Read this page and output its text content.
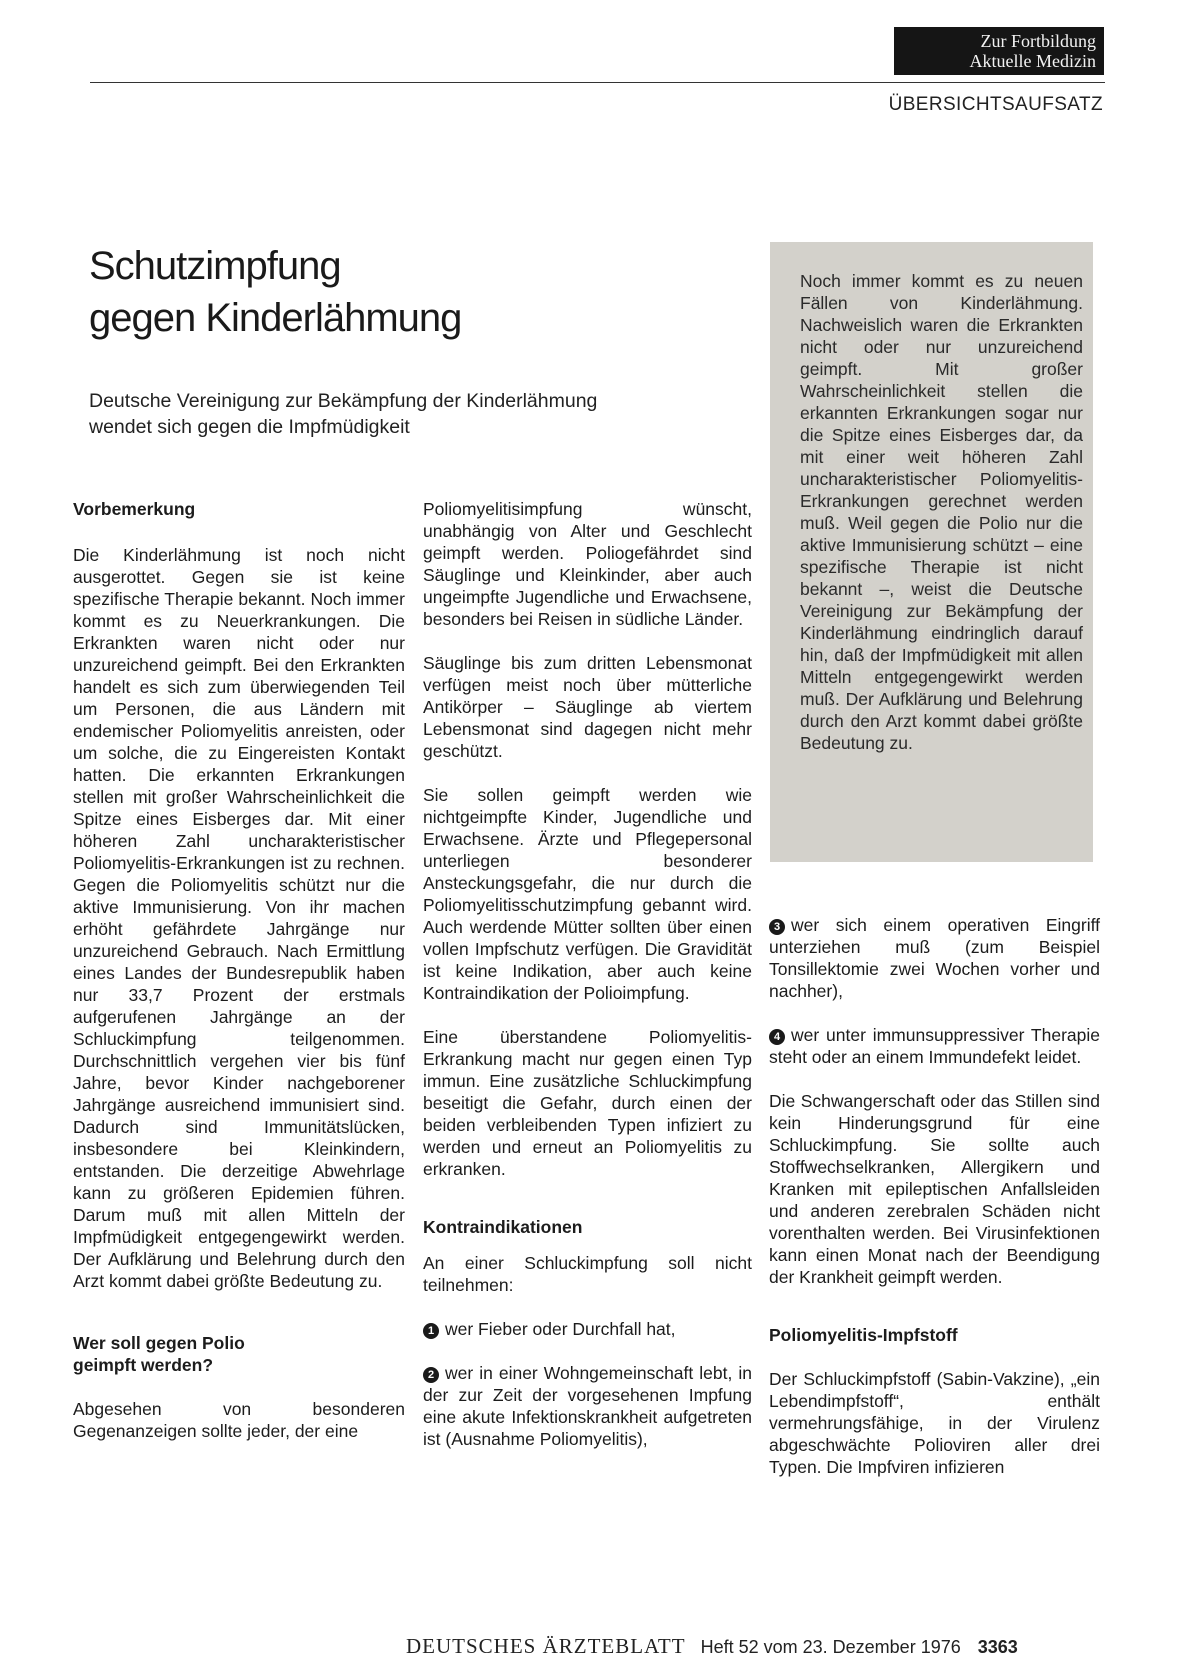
Zur Fortbildung
Aktuelle Medizin
ÜBERSICHTSAUFSATZ
Schutzimpfung
gegen Kinderlähmung
Deutsche Vereinigung zur Bekämpfung der Kinderlähmung
wendet sich gegen die Impfmüdigkeit
Vorbemerkung

Die Kinderlähmung ist noch nicht ausgerottet. Gegen sie ist keine spezifische Therapie bekannt. Noch immer kommt es zu Neuerkrankungen. Die Erkrankten waren nicht oder nur unzureichend geimpft. Bei den Erkrankten handelt es sich zum überwiegenden Teil um Personen, die aus Ländern mit endemischer Poliomyelitis anreisten, oder um solche, die zu Eingereisten Kontakt hatten. Die erkannten Erkrankungen stellen mit großer Wahrscheinlichkeit die Spitze eines Eisberges dar. Mit einer höheren Zahl uncharakteristischer Poliomyelitis-Erkrankungen ist zu rechnen. Gegen die Poliomyelitis schützt nur die aktive Immunisierung. Von ihr machen erhöht gefährdete Jahrgänge nur unzureichend Gebrauch. Nach Ermittlung eines Landes der Bundesrepublik haben nur 33,7 Prozent der erstmals aufgerufenen Jahrgänge an der Schluckimpfung teilgenommen. Durchschnittlich vergehen vier bis fünf Jahre, bevor Kinder nachgeborener Jahrgänge ausreichend immunisiert sind. Dadurch sind Immunitätslücken, insbesondere bei Kleinkindern, entstanden. Die derzeitige Abwehrlage kann zu größeren Epidemien führen. Darum muß mit allen Mitteln der Impfmüdigkeit entgegengewirkt werden. Der Aufklärung und Belehrung durch den Arzt kommt dabei größte Bedeutung zu.

Wer soll gegen Polio
geimpft werden?

Abgesehen von besonderen Gegenanzeigen sollte jeder, der eine

Poliomyelitisimpfung wünscht, unabhängig von Alter und Geschlecht geimpft werden. Poliogefährdet sind Säuglinge und Kleinkinder, aber auch ungeimpfte Jugendliche und Erwachsene, besonders bei Reisen in südliche Länder.

Säuglinge bis zum dritten Lebensmonat verfügen meist noch über mütterliche Antikörper – Säuglinge ab viertem Lebensmonat sind dagegen nicht mehr geschützt.

Sie sollen geimpft werden wie nichtgeimpfte Kinder, Jugendliche und Erwachsene. Ärzte und Pflegepersonal unterliegen besonderer Ansteckungsgefahr, die nur durch die Poliomyelitisschutzimpfung gebannt wird. Auch werdende Mütter sollten über einen vollen Impfschutz verfügen. Die Gravidität ist keine Indikation, aber auch keine Kontraindikation der Polioimpfung.

Eine überstandene Poliomyelitis-Erkrankung macht nur gegen einen Typ immun. Eine zusätzliche Schluckimpfung beseitigt die Gefahr, durch einen der beiden verbleibenden Typen infiziert zu werden und erneut an Poliomyelitis zu erkranken.

Kontraindikationen

An einer Schluckimpfung soll nicht teilnehmen:

1 wer Fieber oder Durchfall hat,

2 wer in einer Wohngemeinschaft lebt, in der zur Zeit der vorgesehenen Impfung eine akute Infektionskrankheit aufgetreten ist (Ausnahme Poliomyelitis),

Noch immer kommt es zu neuen Fällen von Kinderlähmung. Nachweislich waren die Erkrankten nicht oder nur unzureichend geimpft. Mit großer Wahrscheinlichkeit stellen die erkannten Erkrankungen sogar nur die Spitze eines Eisberges dar, da mit einer weit höheren Zahl uncharakteristischer Poliomyelitis-Erkrankungen gerechnet werden muß. Weil gegen die Polio nur die aktive Immunisierung schützt – eine spezifische Therapie ist nicht bekannt –, weist die Deutsche Vereinigung zur Bekämpfung der Kinderlähmung eindringlich darauf hin, daß der Impfmüdigkeit mit allen Mitteln entgegengewirkt werden muß. Der Aufklärung und Belehrung durch den Arzt kommt dabei größte Bedeutung zu.

3 wer sich einem operativen Eingriff unterziehen muß (zum Beispiel Tonsillektomie zwei Wochen vorher und nachher),

4 wer unter immunsuppressiver Therapie steht oder an einem Immundefekt leidet.

Die Schwangerschaft oder das Stillen sind kein Hinderungsgrund für eine Schluckimpfung. Sie sollte auch Stoffwechselkranken, Allergikern und Kranken mit epileptischen Anfallsleiden und anderen zerebralen Schäden nicht vorenthalten werden. Bei Virusinfektionen kann einen Monat nach der Beendigung der Krankheit geimpft werden.

Poliomyelitis-Impfstoff

Der Schluckimpfstoff (Sabin-Vakzine), „ein Lebendimpfstoff“, enthält vermehrungsfähige, in der Virulenz abgeschwächte Polioviren aller drei Typen. Die Impfviren infizieren

DEUTSCHES ÄRZTEBLATT Heft 52 vom 23. Dezember 1976 3363
